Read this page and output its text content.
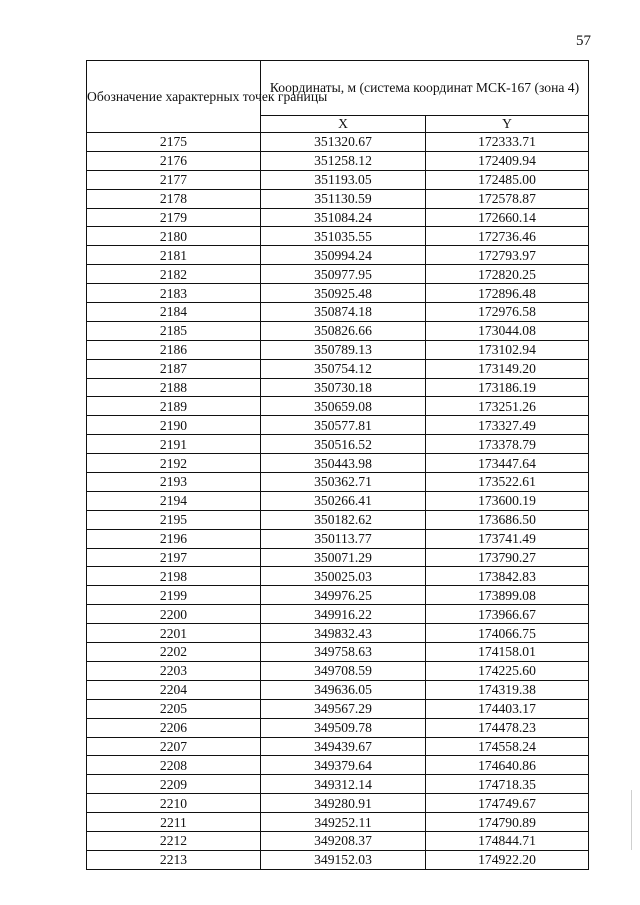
57
Обозначение характерных точек границы	Координаты, м (система координат МСК-167 (зона 4)	
	X	Y
2175	351320.67	172333.71
2176	351258.12	172409.94
2177	351193.05	172485.00
2178	351130.59	172578.87
2179	351084.24	172660.14
2180	351035.55	172736.46
2181	350994.24	172793.97
2182	350977.95	172820.25
2183	350925.48	172896.48
2184	350874.18	172976.58
2185	350826.66	173044.08
2186	350789.13	173102.94
2187	350754.12	173149.20
2188	350730.18	173186.19
2189	350659.08	173251.26
2190	350577.81	173327.49
2191	350516.52	173378.79
2192	350443.98	173447.64
2193	350362.71	173522.61
2194	350266.41	173600.19
2195	350182.62	173686.50
2196	350113.77	173741.49
2197	350071.29	173790.27
2198	350025.03	173842.83
2199	349976.25	173899.08
2200	349916.22	173966.67
2201	349832.43	174066.75
2202	349758.63	174158.01
2203	349708.59	174225.60
2204	349636.05	174319.38
2205	349567.29	174403.17
2206	349509.78	174478.23
2207	349439.67	174558.24
2208	349379.64	174640.86
2209	349312.14	174718.35
2210	349280.91	174749.67
2211	349252.11	174790.89
2212	349208.37	174844.71
2213	349152.03	174922.20
